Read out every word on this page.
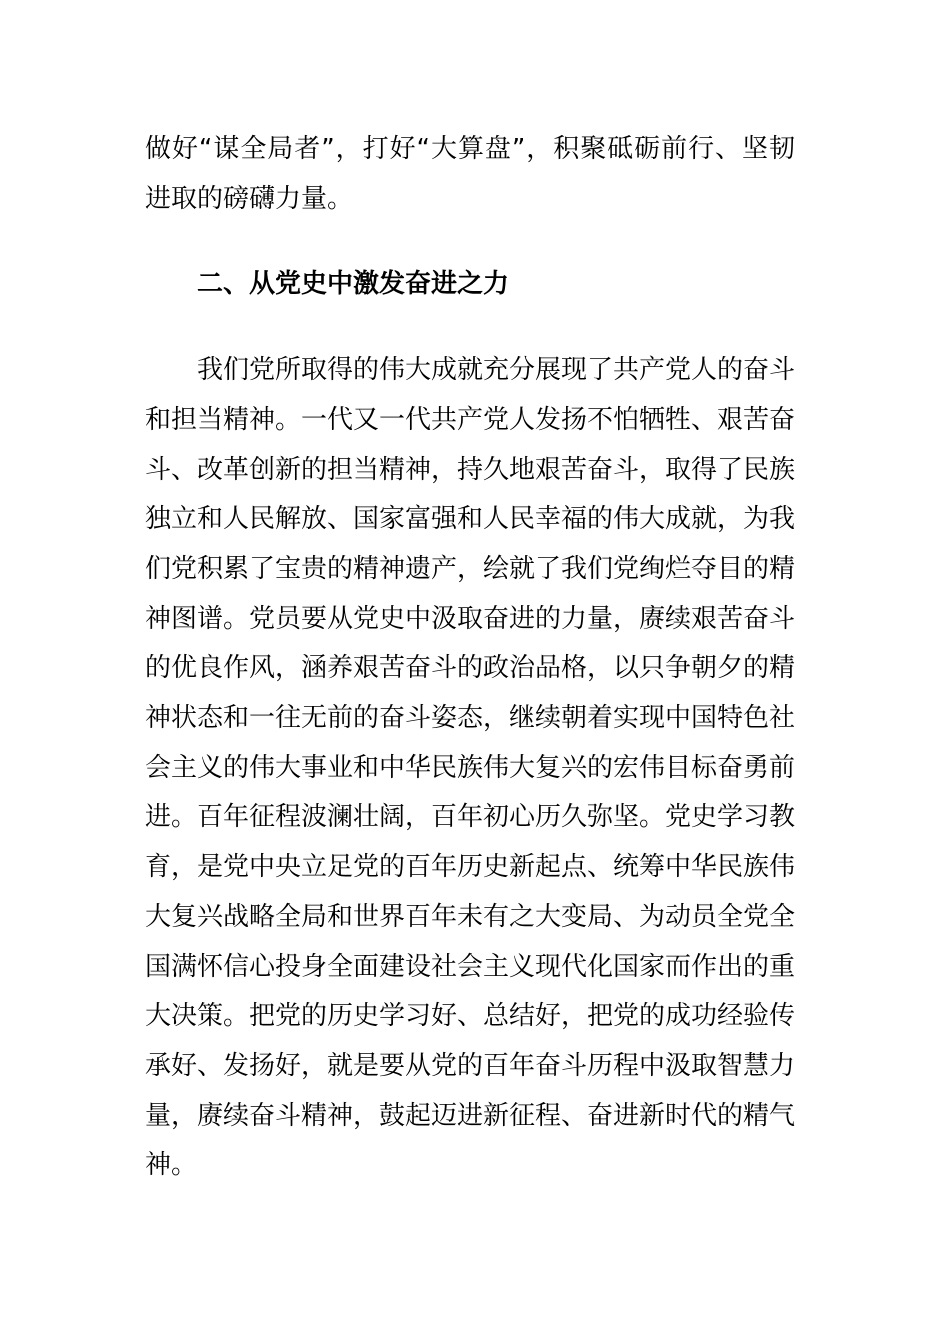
做好“谋全局者”，打好“大算盘”，积聚砥砺前行、坚韧进取的磅礴力量。

二、从党史中激发奋进之力

我们党所取得的伟大成就充分展现了共产党人的奋斗和担当精神。一代又一代共产党人发扬不怕牺牲、艰苦奋斗、改革创新的担当精神，持久地艰苦奋斗，取得了民族独立和人民解放、国家富强和人民幸福的伟大成就，为我们党积累了宝贵的精神遗产，绘就了我们党绚烂夺目的精神图谱。党员要从党史中汲取奋进的力量，赓续艰苦奋斗的优良作风，涵养艰苦奋斗的政治品格，以只争朝夕的精神状态和一往无前的奋斗姿态，继续朝着实现中国特色社会主义的伟大事业和中华民族伟大复兴的宏伟目标奋勇前进。百年征程波澜壮阔，百年初心历久弥坚。党史学习教育，是党中央立足党的百年历史新起点、统筹中华民族伟大复兴战略全局和世界百年未有之大变局、为动员全党全国满怀信心投身全面建设社会主义现代化国家而作出的重大决策。把党的历史学习好、总结好，把党的成功经验传承好、发扬好，就是要从党的百年奋斗历程中汲取智慧力量，赓续奋斗精神，鼓起迈进新征程、奋进新时代的精气神。
